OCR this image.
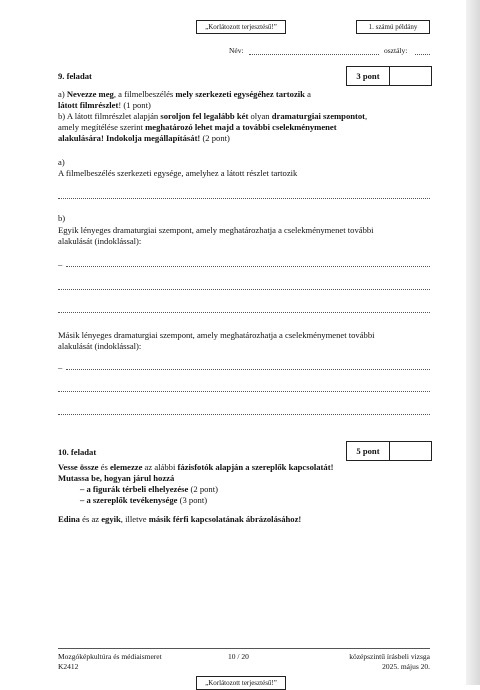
„Korlátozott terjesztésű!”	1. számú példány
Név:	osztály:
9. feladat	3 pont
a) Nevezze meg, a filmelbeszélés mely szerkezeti egységéhez tartozik a
látott filmrészlet! (1 pont)
b) A látott filmrészlet alapján soroljon fel legalább két olyan dramaturgiai szempontot,
amely megítélése szerint meghatározó lehet majd a további cselekménymenet
alakulására! Indokolja megállapítását! (2 pont)
a)
A filmelbeszélés szerkezeti egysége, amelyhez a látott részlet tartozik
b)
Egyik lényeges dramaturgiai szempont, amely meghatározhatja a cselekménymenet további
alakulását (indoklással):
–
Másik lényeges dramaturgiai szempont, amely meghatározhatja a cselekménymenet további
alakulását (indoklással):
–
10. feladat	5 pont
Vesse össze és elemezze az alábbi fázisfotók alapján a szereplők kapcsolatát!
Mutassa be, hogyan járul hozzá
– a figurák térbeli elhelyezése (2 pont)
– a szereplők tevékenysége (3 pont)
Edina és az egyik, illetve másik férfi kapcsolatának ábrázolásához!
Mozgóképkultúra és médiaismeret
K2412
10 / 20	középszintű írásbeli vizsga
2025. május 20.
„Korlátozott terjesztésű!”
